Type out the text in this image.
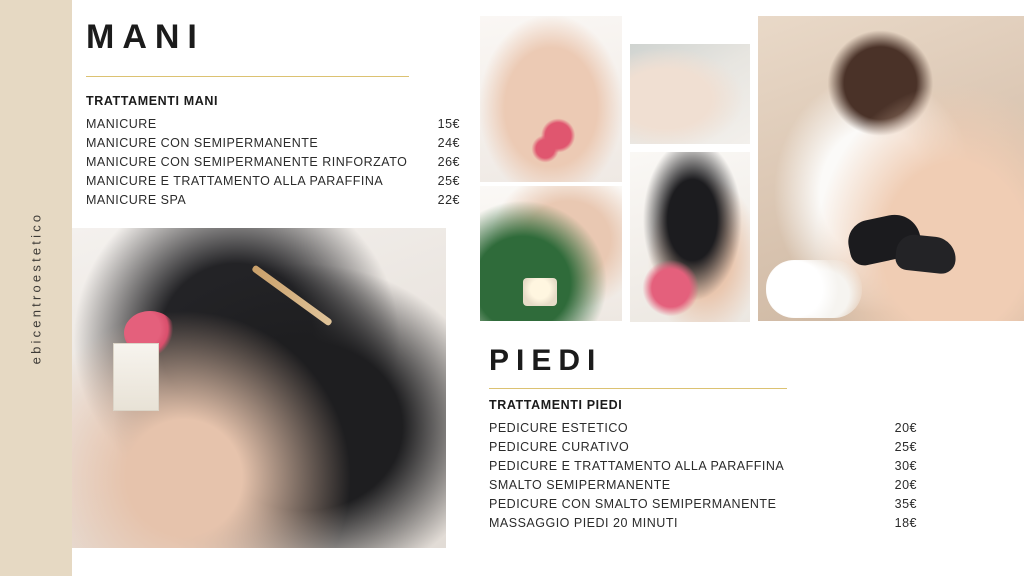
ebicentroestetico
MANI
TRATTAMENTI MANI
MANICURE	15€
MANICURE CON SEMIPERMANENTE	24€
MANICURE CON SEMIPERMANENTE RINFORZATO 26€
MANICURE E TRATTAMENTO ALLA PARAFFINA	25€
MANICURE SPA	22€
PIEDI
TRATTAMENTI PIEDI
PEDICURE ESTETICO	20€
PEDICURE CURATIVO	25€
PEDICURE E TRATTAMENTO ALLA PARAFFINA	30€
SMALTO SEMIPERMANENTE	20€
PEDICURE CON SMALTO SEMIPERMANENTE	35€
MASSAGGIO PIEDI 20 MINUTI	18€
